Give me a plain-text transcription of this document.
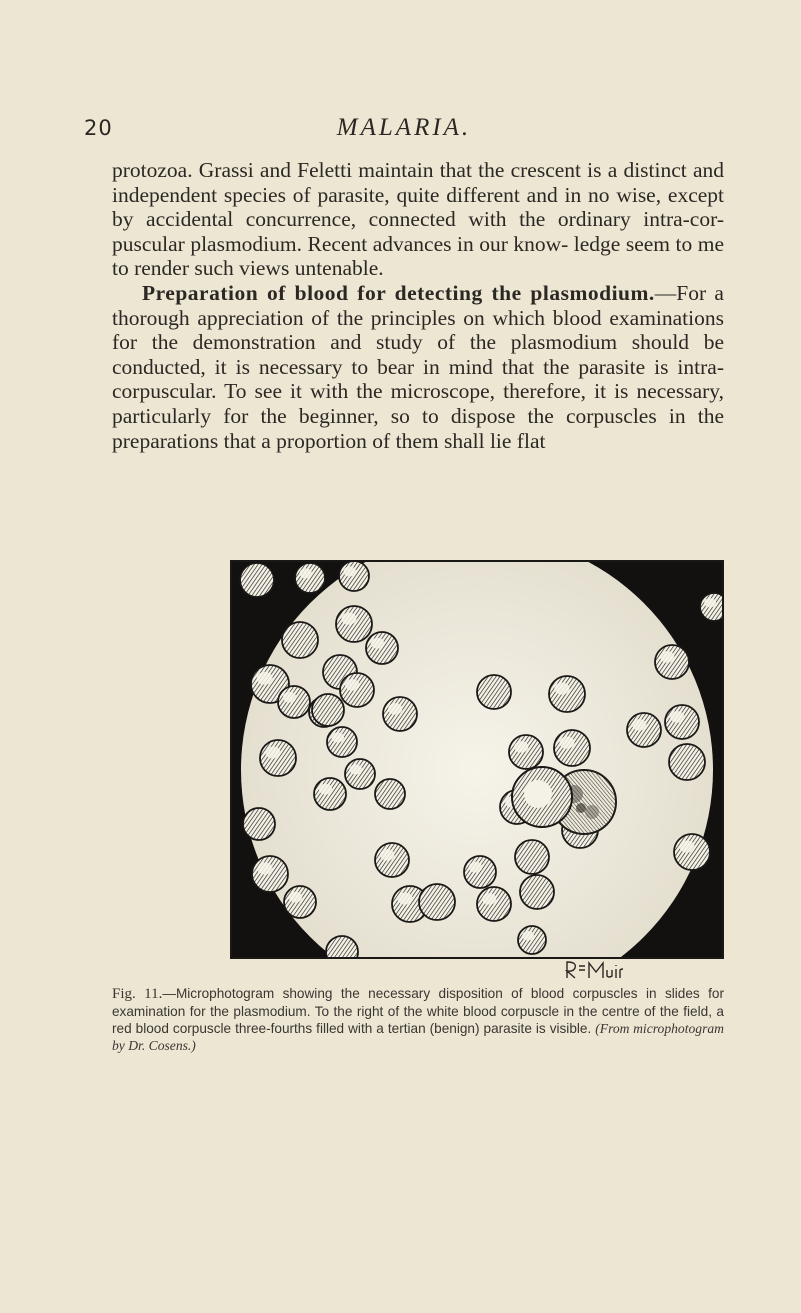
20	MALARIA.

protozoa. Grassi and Feletti maintain that the crescent is a distinct and independent species of parasite, quite different and in no wise, except by accidental concurrence, connected with the ordinary intra-cor- puscular plasmodium. Recent advances in our know- ledge seem to me to render such views untenable.

Preparation of blood for detecting the plasmodium.—For a thorough appreciation of the principles on which blood examinations for the demonstration and study of the plasmodium should be conducted, it is necessary to bear in mind that the parasite is intra-corpuscular. To see it with the microscope, therefore, it is necessary, particularly for the beginner, so to dispose the corpuscles in the preparations that a proportion of them shall lie flat

Fig. 11.—Microphotogram showing the necessary disposition of blood corpuscles in slides for examination for the plasmodium. To the right of the white blood corpuscle in the centre of the field, a red blood corpuscle three-fourths filled with a tertian (benign) parasite is visible. (From microphotogram by Dr. Cosens.)
